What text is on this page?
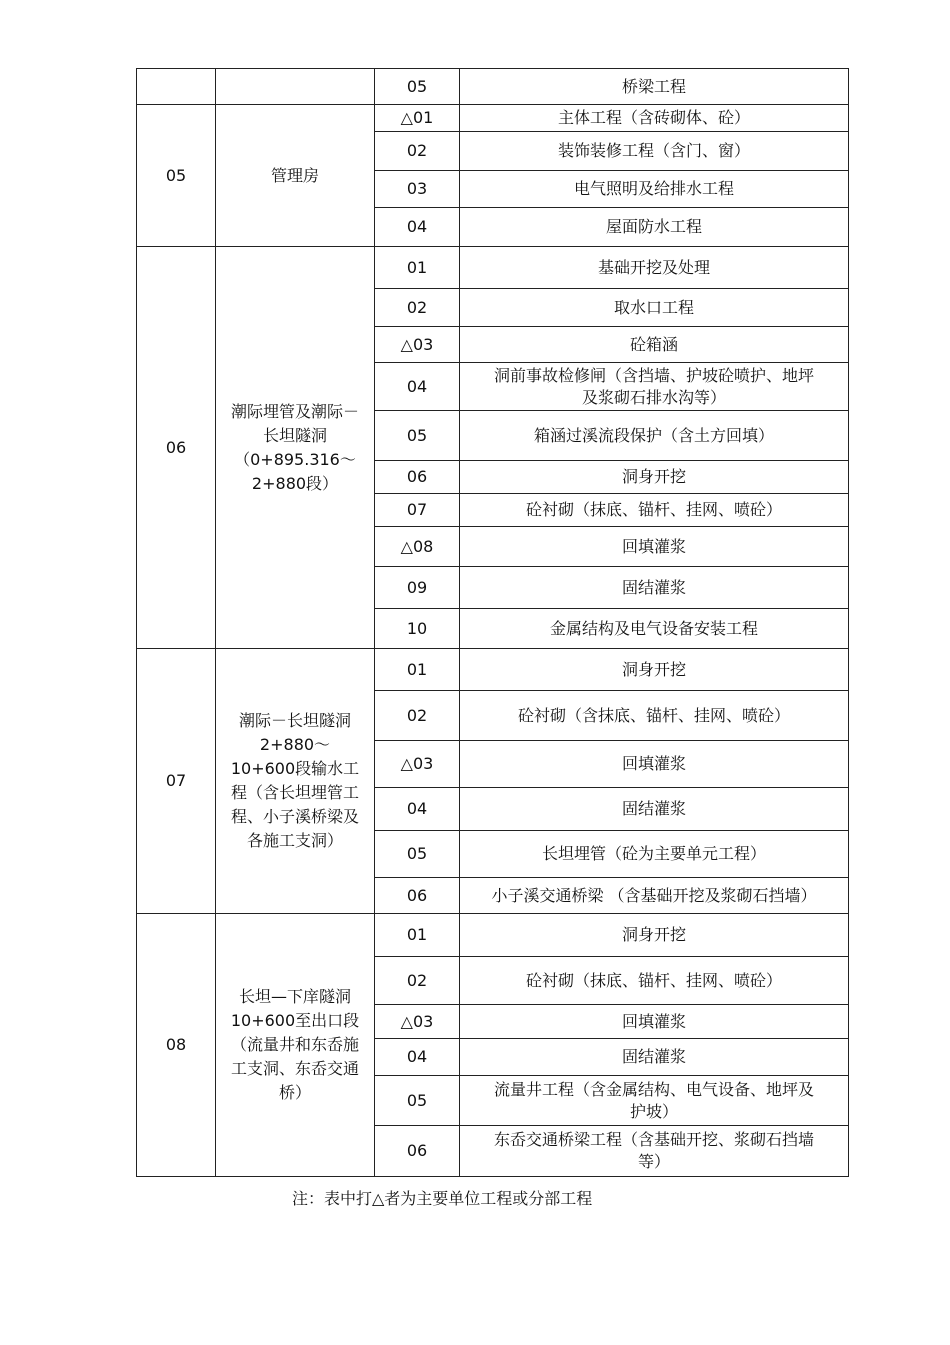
		05	桥梁工程
05	管理房	△01	主体工程（含砖砌体、砼）
		02	装饰装修工程（含门、窗）
		03	电气照明及给排水工程
		04	屋面防水工程
06	潮际埋管及潮际－长坦隧洞（0+895.316～2+880段）	01	基础开挖及处理
		02	取水口工程
		△03	砼箱涵
		04	洞前事故检修闸（含挡墙、护坡砼喷护、地坪及浆砌石排水沟等）
		05	箱涵过溪流段保护（含土方回填）
		06	洞身开挖
		07	砼衬砌（抹底、锚杆、挂网、喷砼）
		△08	回填灌浆
		09	固结灌浆
		10	金属结构及电气设备安装工程
07	潮际－长坦隧洞2+880～10+600段输水工程（含长坦埋管工程、小子溪桥梁及各施工支洞）	01	洞身开挖
		02	砼衬砌（含抹底、锚杆、挂网、喷砼）
		△03	回填灌浆
		04	固结灌浆
		05	长坦埋管（砼为主要单元工程）
		06	小子溪交通桥梁 （含基础开挖及浆砌石挡墙）
08	长坦—下庠隧洞10+600至出口段（流量井和东岙施工支洞、东岙交通桥）	01	洞身开挖
		02	砼衬砌（抹底、锚杆、挂网、喷砼）
		△03	回填灌浆
		04	固结灌浆
		05	流量井工程（含金属结构、电气设备、地坪及护坡）
		06	东岙交通桥梁工程（含基础开挖、浆砌石挡墙等）
注：表中打△者为主要单位工程或分部工程
